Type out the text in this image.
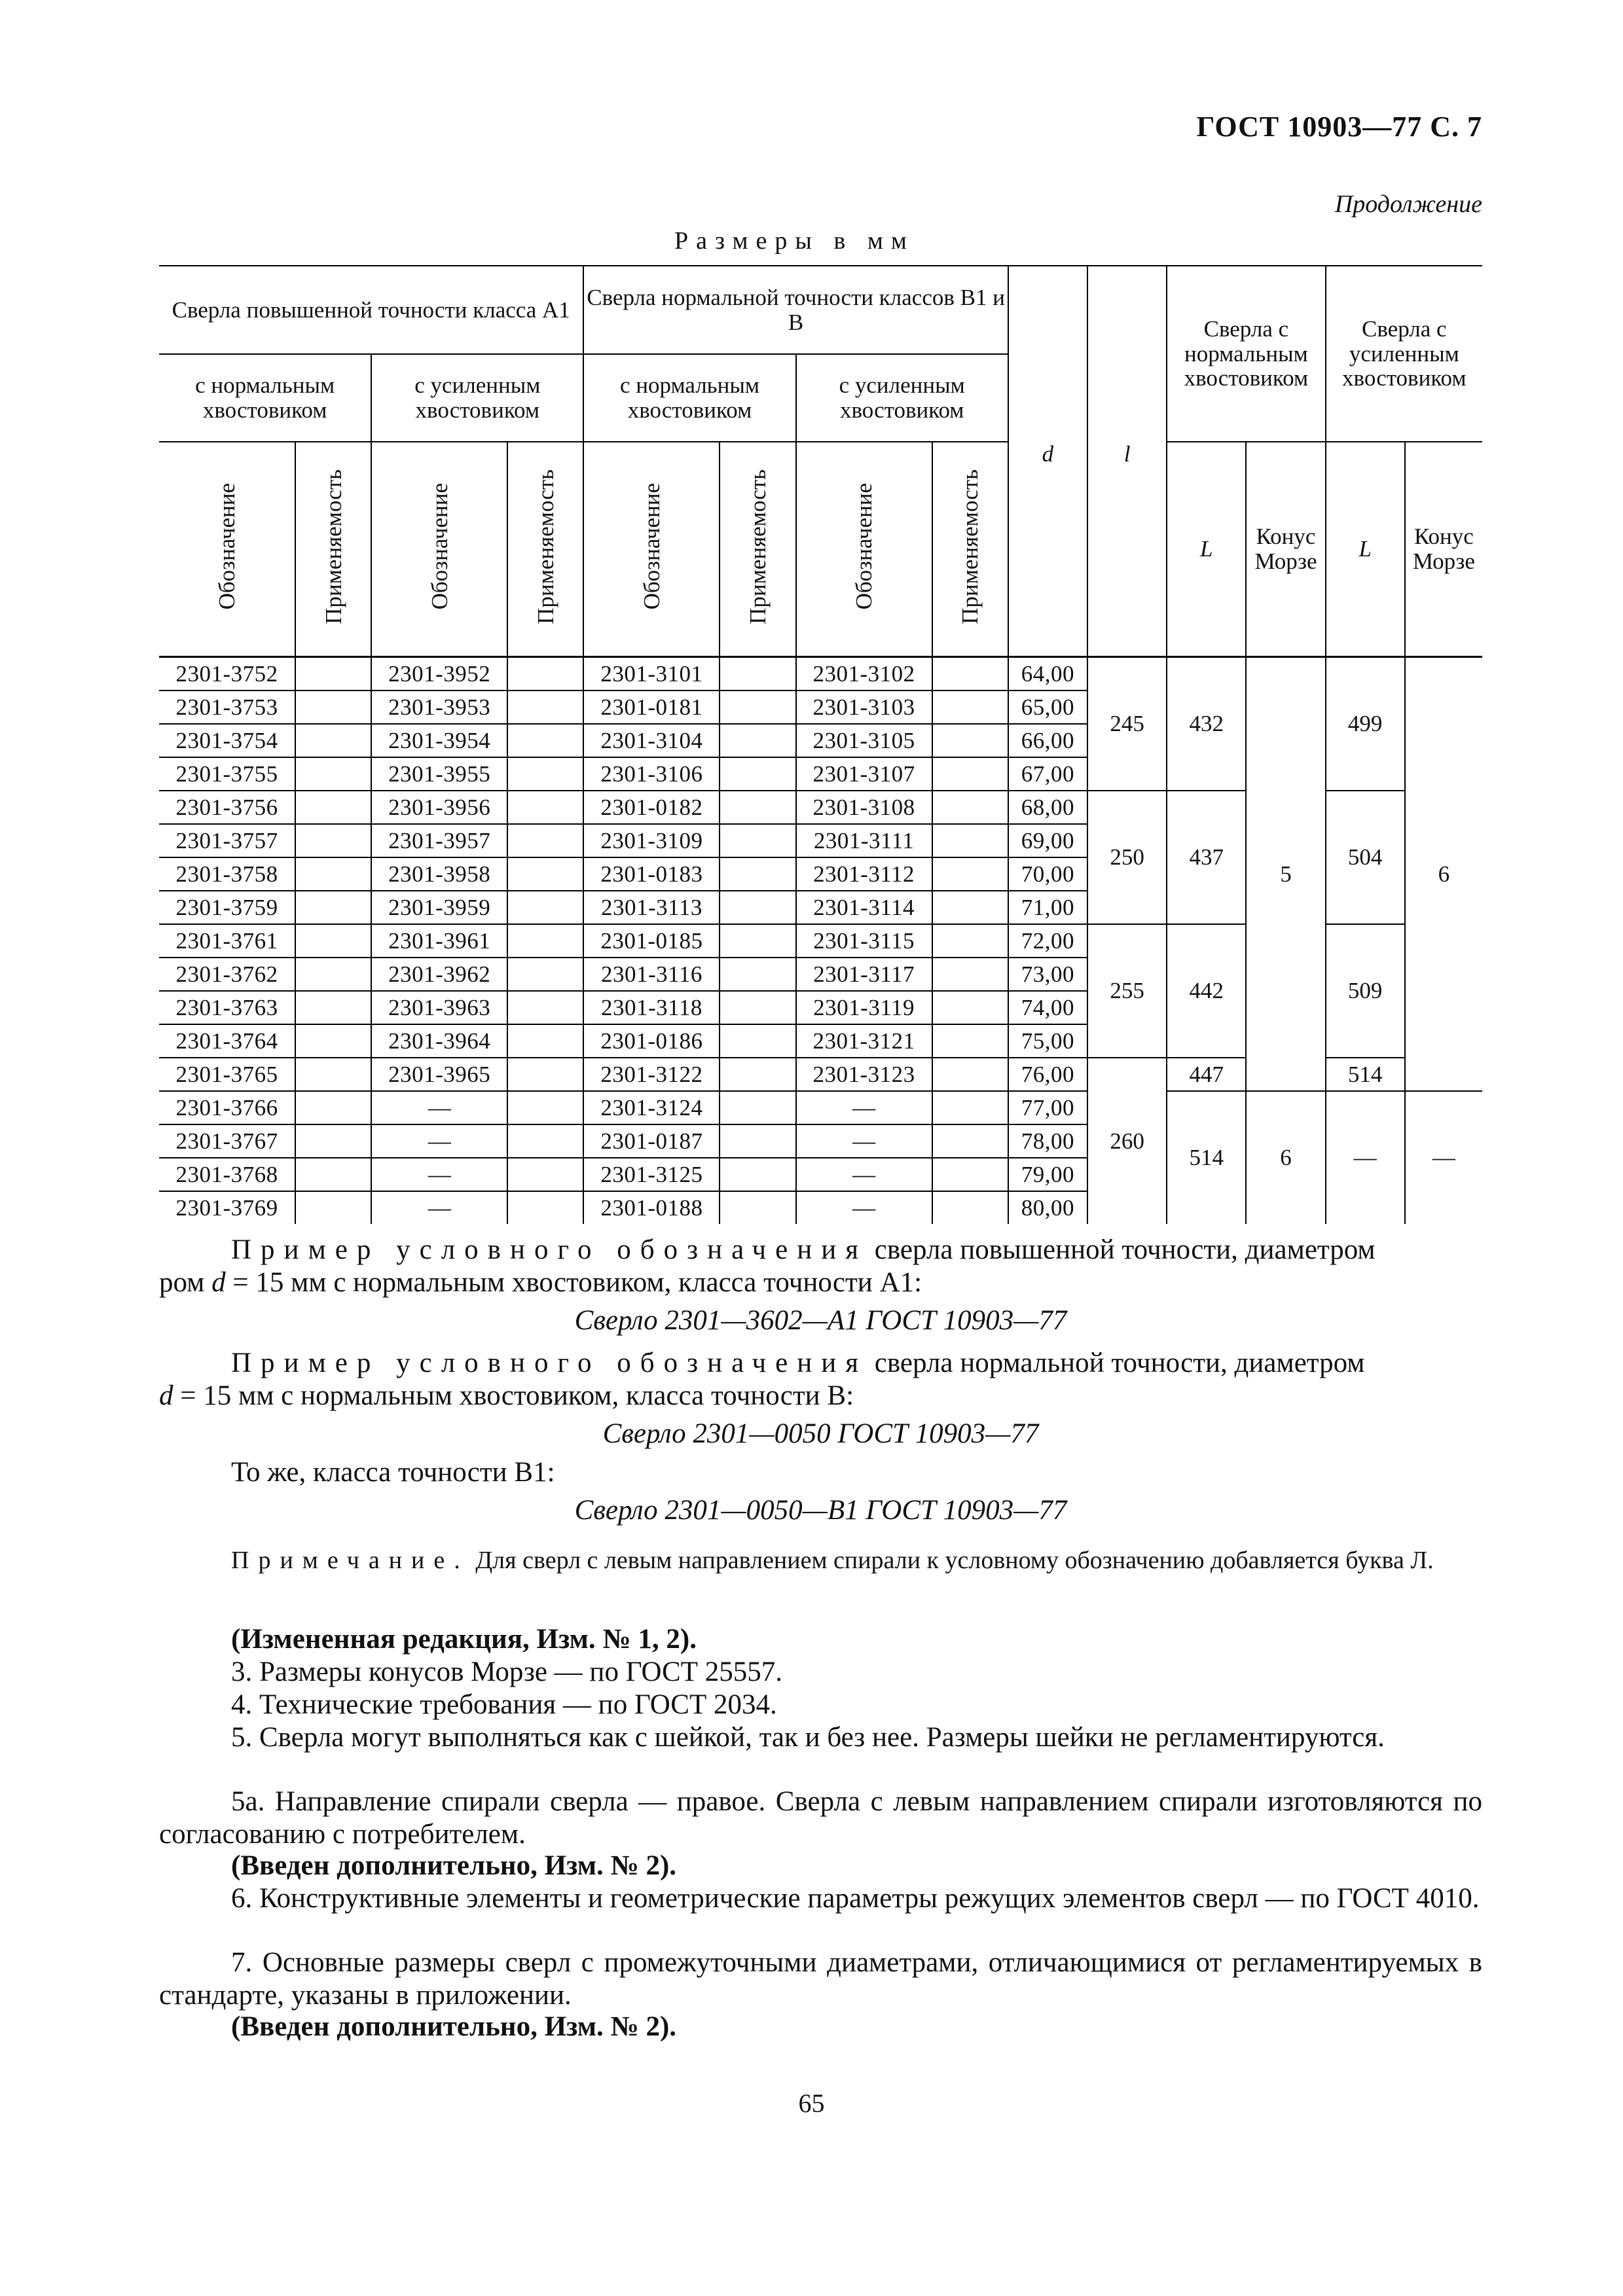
ГОСТ 10903—77 С. 7
Продолжение
Размеры в мм
Сверла повышенной точности класса А1				Сверла нормальной точности классов В1 и В						Сверла с нормальным хвостовиком		Сверла с усиленным хвостовиком	
с нормальным хвостовиком		с усиленным хвостовиком		с нормальным хвостовиком		с усиленным хвостовиком							
Обозначение	Применяемость	Обозначение	Применяемость	Обозначение	Применяемость	Обозначение	Применяемость	d	l	L	Конус Морзе	L	Конус Морзе
2301-3752		2301-3952		2301-3101		2301-3102		64,00	245	432	5	499	6
2301-3753		2301-3953		2301-0181		2301-3103		65,00					
2301-3754		2301-3954		2301-3104		2301-3105		66,00					
2301-3755		2301-3955		2301-3106		2301-3107		67,00					
2301-3756		2301-3956		2301-0182		2301-3108		68,00	250	437		504	
2301-3757		2301-3957		2301-3109		2301-3111		69,00					
2301-3758		2301-3958		2301-0183		2301-3112		70,00					
2301-3759		2301-3959		2301-3113		2301-3114		71,00					
2301-3761		2301-3961		2301-0185		2301-3115		72,00	255	442		509	
2301-3762		2301-3962		2301-3116		2301-3117		73,00					
2301-3763		2301-3963		2301-3118		2301-3119		74,00					
2301-3764		2301-3964		2301-0186		2301-3121		75,00					
2301-3765		2301-3965		2301-3122		2301-3123		76,00	260	447		514	
2301-3766		—		2301-3124		—		77,00		514	6	—	—
2301-3767		—		2301-0187		—		78,00					
2301-3768		—		2301-3125		—		79,00					
2301-3769		—		2301-0188		—		80,00					
Пример условного обозначения сверла повышенной точности, диаметром
ром d = 15 мм с нормальным хвостовиком, класса точности А1:
Сверло 2301—3602—А1 ГОСТ 10903—77
Пример условного обозначения сверла нормальной точности, диаметром
d = 15 мм с нормальным хвостовиком, класса точности В:
Сверло 2301—0050 ГОСТ 10903—77
То же, класса точности В1:
Сверло 2301—0050—В1 ГОСТ 10903—77
Примечание. Для сверл с левым направлением спирали к условному обозначению добавляется буква Л.
(Измененная редакция, Изм. № 1, 2).
3. Размеры конусов Морзе — по ГОСТ 25557.
4. Технические требования — по ГОСТ 2034.
5. Сверла могут выполняться как с шейкой, так и без нее. Размеры шейки не регламентируются.
5а. Направление спирали сверла — правое. Сверла с левым направлением спирали изготовляются по согласованию с потребителем.
(Введен дополнительно, Изм. № 2).
6. Конструктивные элементы и геометрические параметры режущих элементов сверл — по ГОСТ 4010.
7. Основные размеры сверл с промежуточными диаметрами, отличающимися от регламентируемых в стандарте, указаны в приложении.
(Введен дополнительно, Изм. № 2).
65
